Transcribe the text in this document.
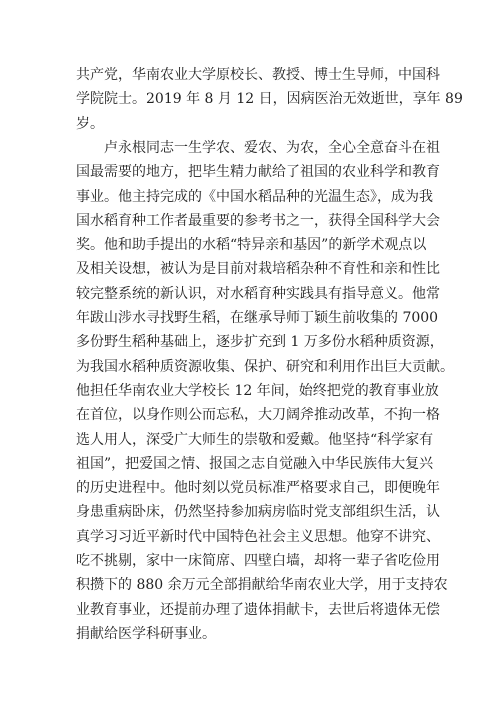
共产党，华南农业大学原校长、教授、博士生导师，中国科
学院院士。2019 年 8 月 12 日，因病医治无效逝世，享年 89
岁。
卢永根同志一生学农、爱农、为农，全心全意奋斗在祖
国最需要的地方，把毕生精力献给了祖国的农业科学和教育
事业。他主持完成的《中国水稻品种的光温生态》，成为我
国水稻育种工作者最重要的参考书之一，获得全国科学大会
奖。他和助手提出的水稻“特异亲和基因”的新学术观点以
及相关设想，被认为是目前对栽培稻杂种不育性和亲和性比
较完整系统的新认识，对水稻育种实践具有指导意义。他常
年跋山涉水寻找野生稻，在继承导师丁颖生前收集的 7000
多份野生稻种基础上，逐步扩充到 1 万多份水稻种质资源，
为我国水稻种质资源收集、保护、研究和利用作出巨大贡献。
他担任华南农业大学校长 12 年间，始终把党的教育事业放
在首位，以身作则公而忘私，大刀阔斧推动改革，不拘一格
选人用人，深受广大师生的崇敬和爱戴。他坚持“科学家有
祖国”，把爱国之情、报国之志自觉融入中华民族伟大复兴
的历史进程中。他时刻以党员标准严格要求自己，即便晚年
身患重病卧床，仍然坚持参加病房临时党支部组织生活，认
真学习习近平新时代中国特色社会主义思想。他穿不讲究、
吃不挑剔，家中一床简席、四壁白墙，却将一辈子省吃俭用
积攒下的 880 余万元全部捐献给华南农业大学，用于支持农
业教育事业，还提前办理了遗体捐献卡，去世后将遗体无偿
捐献给医学科研事业。
